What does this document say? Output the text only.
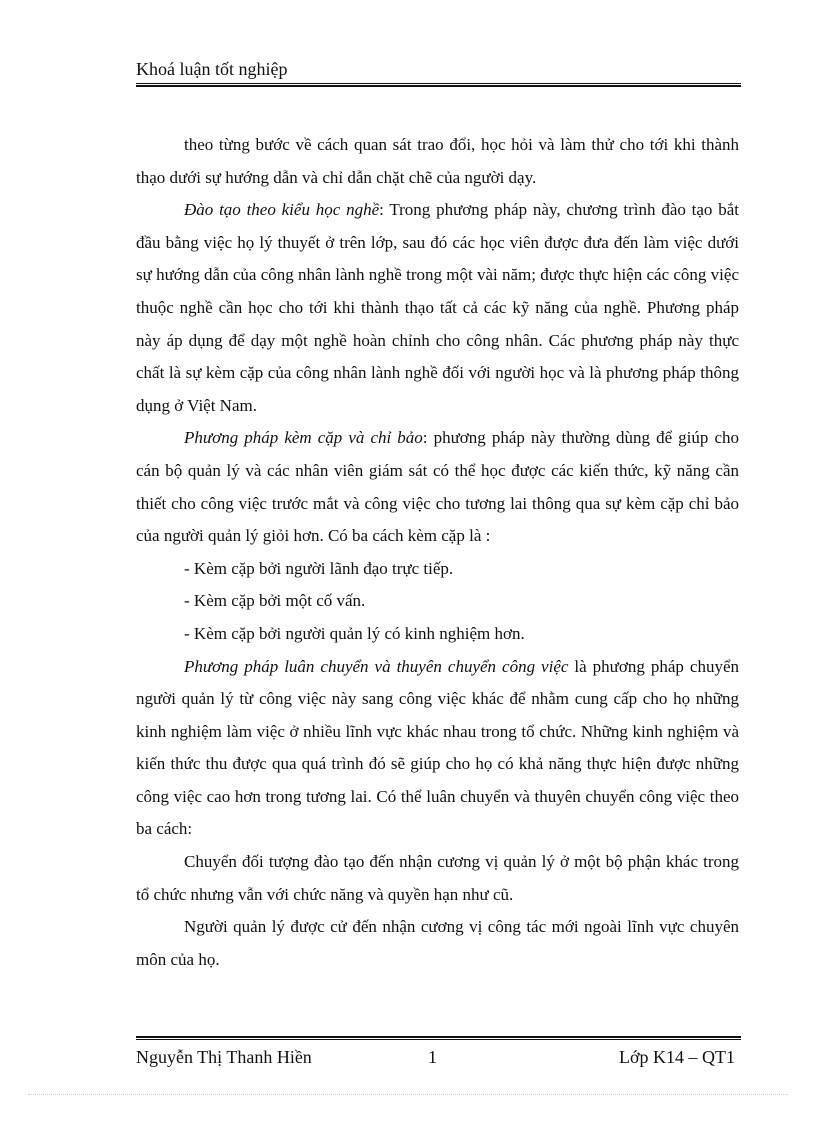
Khoá luận tốt nghiệp

theo từng bước về cách quan sát trao đổi, học hỏi và làm thử cho tới khi thành thạo dưới sự hướng dẫn và chỉ dẫn chặt chẽ của người dạy.

Đào tạo theo kiểu học nghề: Trong phương pháp này, chương trình đào tạo bắt đầu bằng việc họ lý thuyết ở trên lớp, sau đó các học viên được đưa đến làm việc dưới sự hướng dẫn của công nhân lành nghề trong một vài năm; được thực hiện các công việc thuộc nghề cần học cho tới khi thành thạo tất cả các kỹ năng của nghề. Phương pháp này áp dụng để dạy một nghề hoàn chỉnh cho công nhân. Các phương pháp này thực chất là sự kèm cặp của công nhân lành nghề đối với người học và là phương pháp thông dụng ở Việt Nam.

Phương pháp kèm cặp và chỉ bảo: phương pháp này thường dùng để giúp cho cán bộ quản lý và các nhân viên giám sát có thể học được các kiến thức, kỹ năng cần thiết cho công việc trước mắt và công việc cho tương lai thông qua sự kèm cặp chỉ bảo của người quản lý giỏi hơn. Có ba cách kèm cặp là :

- Kèm cặp bởi người lãnh đạo trực tiếp.

- Kèm cặp bởi một cố vấn.

- Kèm cặp bởi người quản lý có kinh nghiệm hơn.

Phương pháp luân chuyển và thuyên chuyển công việc là phương pháp chuyển người quản lý từ công việc này sang công việc khác để nhằm cung cấp cho họ những kinh nghiệm làm việc ở nhiều lĩnh vực khác nhau trong tổ chức. Những kinh nghiệm và kiến thức thu được qua quá trình đó sẽ giúp cho họ có khả năng thực hiện được những công việc cao hơn trong tương lai. Có thể luân chuyển và thuyên chuyển công việc theo ba cách:

Chuyển đối tượng đào tạo đến nhận cương vị quản lý ở một bộ phận khác trong tổ chức nhưng vẫn với chức năng và quyền hạn như cũ.

Người quản lý được cử đến nhận cương vị công tác mới ngoài lĩnh vực chuyên môn của họ.

Nguyễn Thị Thanh Hiền	1	Lớp K14 – QT1
